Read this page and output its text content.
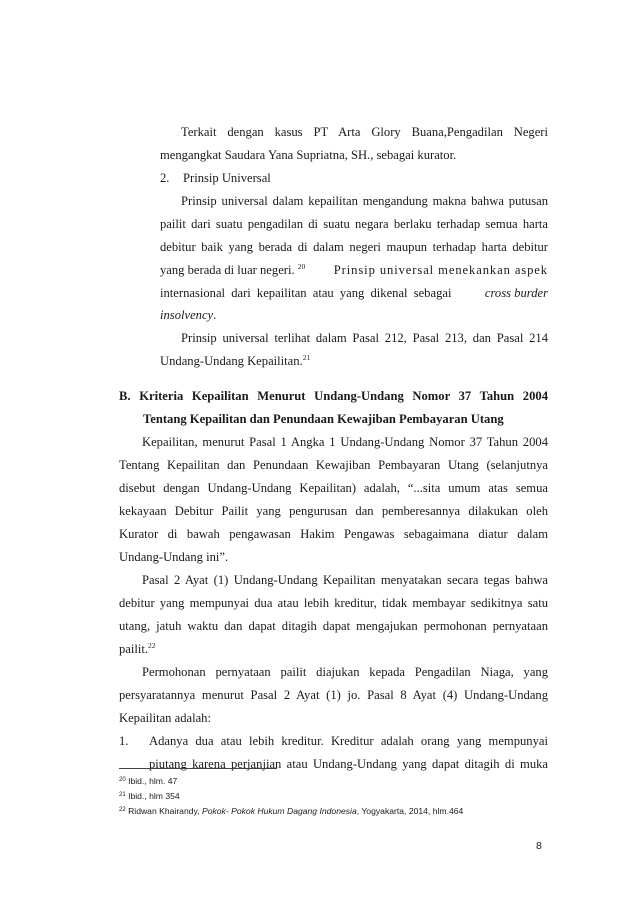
Terkait dengan kasus PT Arta Glory Buana,Pengadilan Negeri
mengangkat Saudara Yana Supriatna, SH., sebagai kurator.
2. Prinsip Universal
Prinsip universal dalam kepailitan mengandung makna bahwa putusan
pailit dari suatu pengadilan di suatu negara berlaku terhadap semua harta
debitur baik yang berada di dalam negeri maupun terhadap harta debitur
yang berada di luar negeri. $^{20}$ Prinsip universal menekankan aspek
internasional dari kepailitan atau yang dikenal sebagai	cross burder
insolvency.
Prinsip universal terlihat dalam Pasal 212, Pasal 213, dan Pasal 214
Undang-Undang Kepailitan.$^{21}$
B. Kriteria Kepailitan Menurut Undang-Undang Nomor 37 Tahun 2004
Tentang Kepailitan dan Penundaan Kewajiban Pembayaran Utang
Kepailitan, menurut Pasal 1 Angka 1 Undang-Undang Nomor 37 Tahun 2004
Tentang Kepailitan dan Penundaan Kewajiban Pembayaran Utang (selanjutnya
disebut dengan Undang-Undang Kepailitan) adalah, “...sita umum atas semua
kekayaan Debitur Pailit yang pengurusan dan pemberesannya dilakukan oleh
Kurator di bawah pengawasan Hakim Pengawas sebagaimana diatur dalam
Undang-Undang ini”.
Pasal 2 Ayat (1) Undang-Undang Kepailitan menyatakan secara tegas bahwa
debitur yang mempunyai dua atau lebih kreditur, tidak membayar sedikitnya satu
utang, jatuh waktu dan dapat ditagih dapat mengajukan permohonan pernyataan
pailit.$^{22}$
Permohonan pernyataan pailit diajukan kepada Pengadilan Niaga, yang
persyaratannya menurut Pasal 2 Ayat (1) jo. Pasal 8 Ayat (4) Undang-Undang
Kepailitan adalah:
1. Adanya dua atau lebih kreditur. Kreditur adalah orang yang mempunyai
piutang karena perjanjian atau Undang-Undang yang dapat ditagih di muka
$^{20}$ Ibid., hlm. 47
$^{21}$ Ibid., hlm 354
$^{22}$ Ridwan Khairandy, Pokok- Pokok Hukum Dagang Indonesia, Yogyakarta, 2014, hlm.464
8
